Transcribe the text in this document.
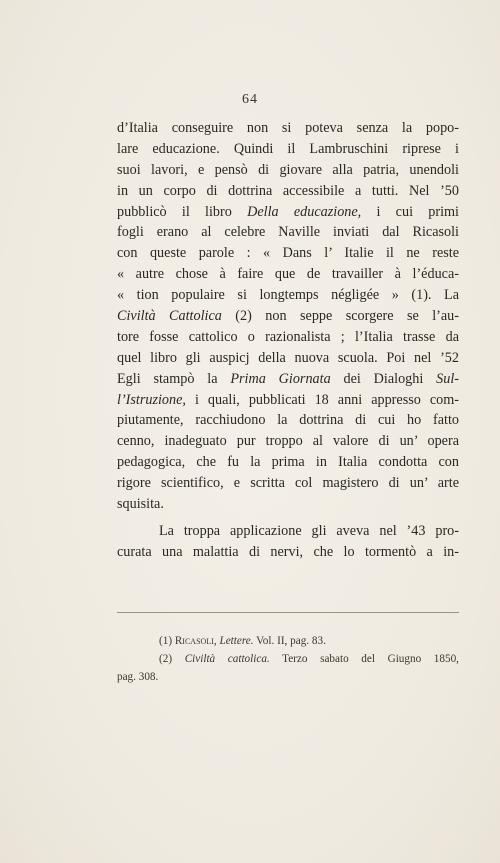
64
d’Italia conseguire non si poteva senza la popo-
lare educazione. Quindi il Lambruschini riprese i
suoi lavori, e pensò di giovare alla patria, unendoli
in un corpo di dottrina accessibile a tutti. Nel ’50
pubblicò il libro Della educazione, i cui primi
fogli erano al celebre Naville inviati dal Ricasoli
con queste parole : « Dans l’ Italie il ne reste
« autre chose à faire que de travailler à l’éduca-
« tion populaire si longtemps négligée » (1). La
Civiltà Cattolica (2) non seppe scorgere se l’au-
tore fosse cattolico o razionalista ; l’Italia trasse da
quel libro gli auspicj della nuova scuola. Poi nel ’52
Egli stampò la Prima Giornata dei Dialoghi Sul-
l’Istruzione, i quali, pubblicati 18 anni appresso com-
piutamente, racchiudono la dottrina di cui ho fatto
cenno, inadeguato pur troppo al valore di un’ opera
pedagogica, che fu la prima in Italia condotta con
rigore scientifico, e scritta col magistero di un’ arte
squisita.
La troppa applicazione gli aveva nel ’43 pro-
curata una malattia di nervi, che lo tormentò a in-
(1) Ricasoli, Lettere. Vol. II, pag. 83.
(2) Civiltà cattolica. Terzo sabato del Giugno 1850,
pag. 308.
